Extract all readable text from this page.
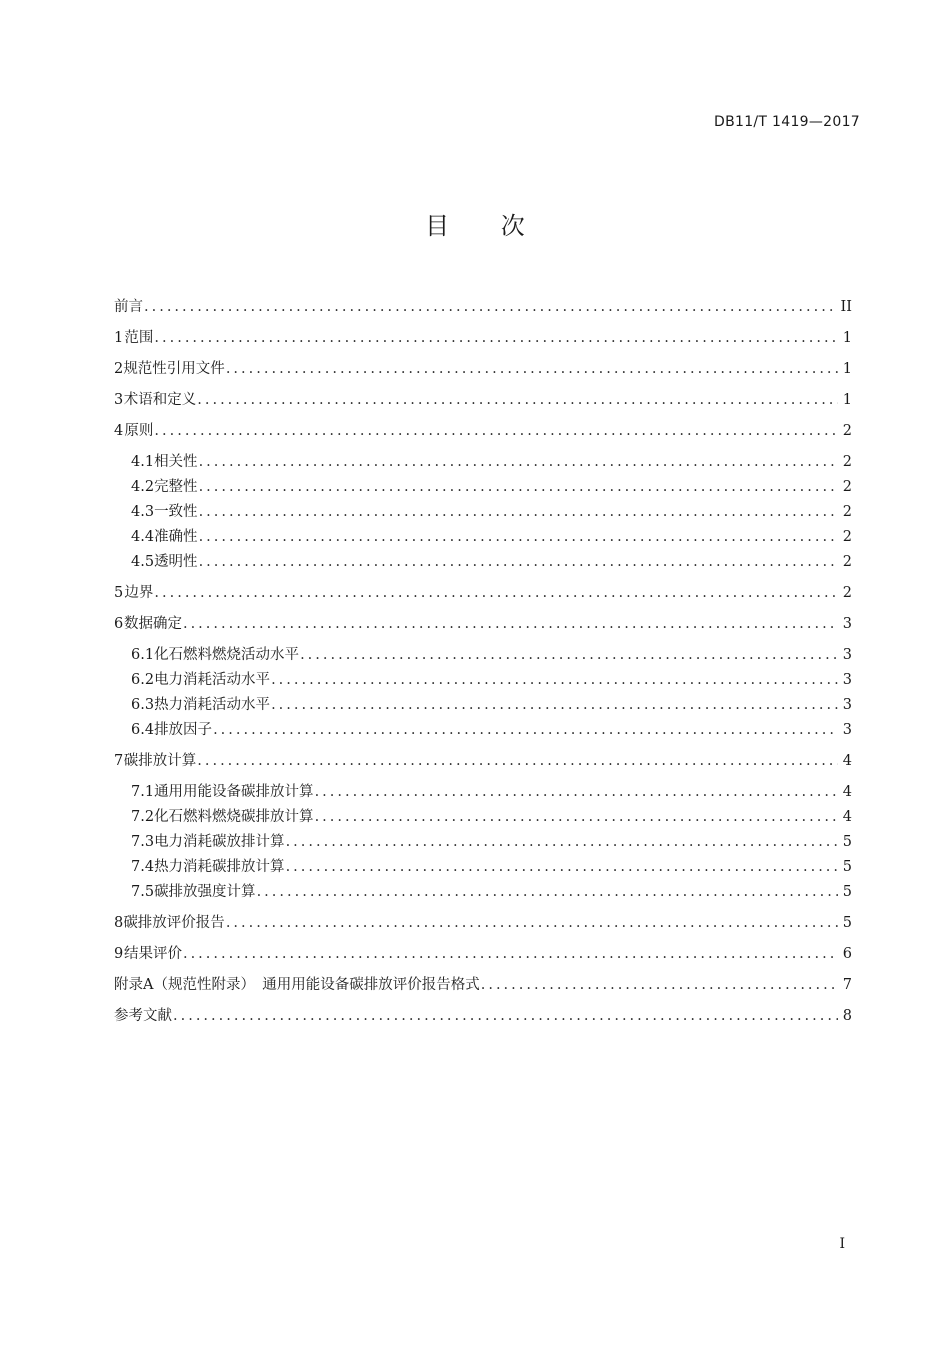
DB11/T 1419—2017
目 次
前言 .....	II
1 范围 .....	1
2 规范性引用文件 .....	1
3 术语和定义 .....	1
4 原则 .....	2
4.1 相关性 .....	2
4.2 完整性 .....	2
4.3 一致性 .....	2
4.4 准确性 .....	2
4.5 透明性 .....	2
5 边界 .....	2
6 数据确定 .....	3
6.1 化石燃料燃烧活动水平 .....	3
6.2 电力消耗活动水平 .....	3
6.3 热力消耗活动水平 .....	3
6.4 排放因子 .....	3
7 碳排放计算 .....	4
7.1 通用用能设备碳排放计算 .....	4
7.2 化石燃料燃烧碳排放计算 .....	4
7.3 电力消耗碳放排计算 .....	5
7.4 热力消耗碳排放计算 .....	5
7.5 碳排放强度计算 .....	5
8 碳排放评价报告 .....	5
9 结果评价 .....	6
附录A（规范性附录）　通用用能设备碳排放评价报告格式 .....	7
参考文献 .....	8
I
